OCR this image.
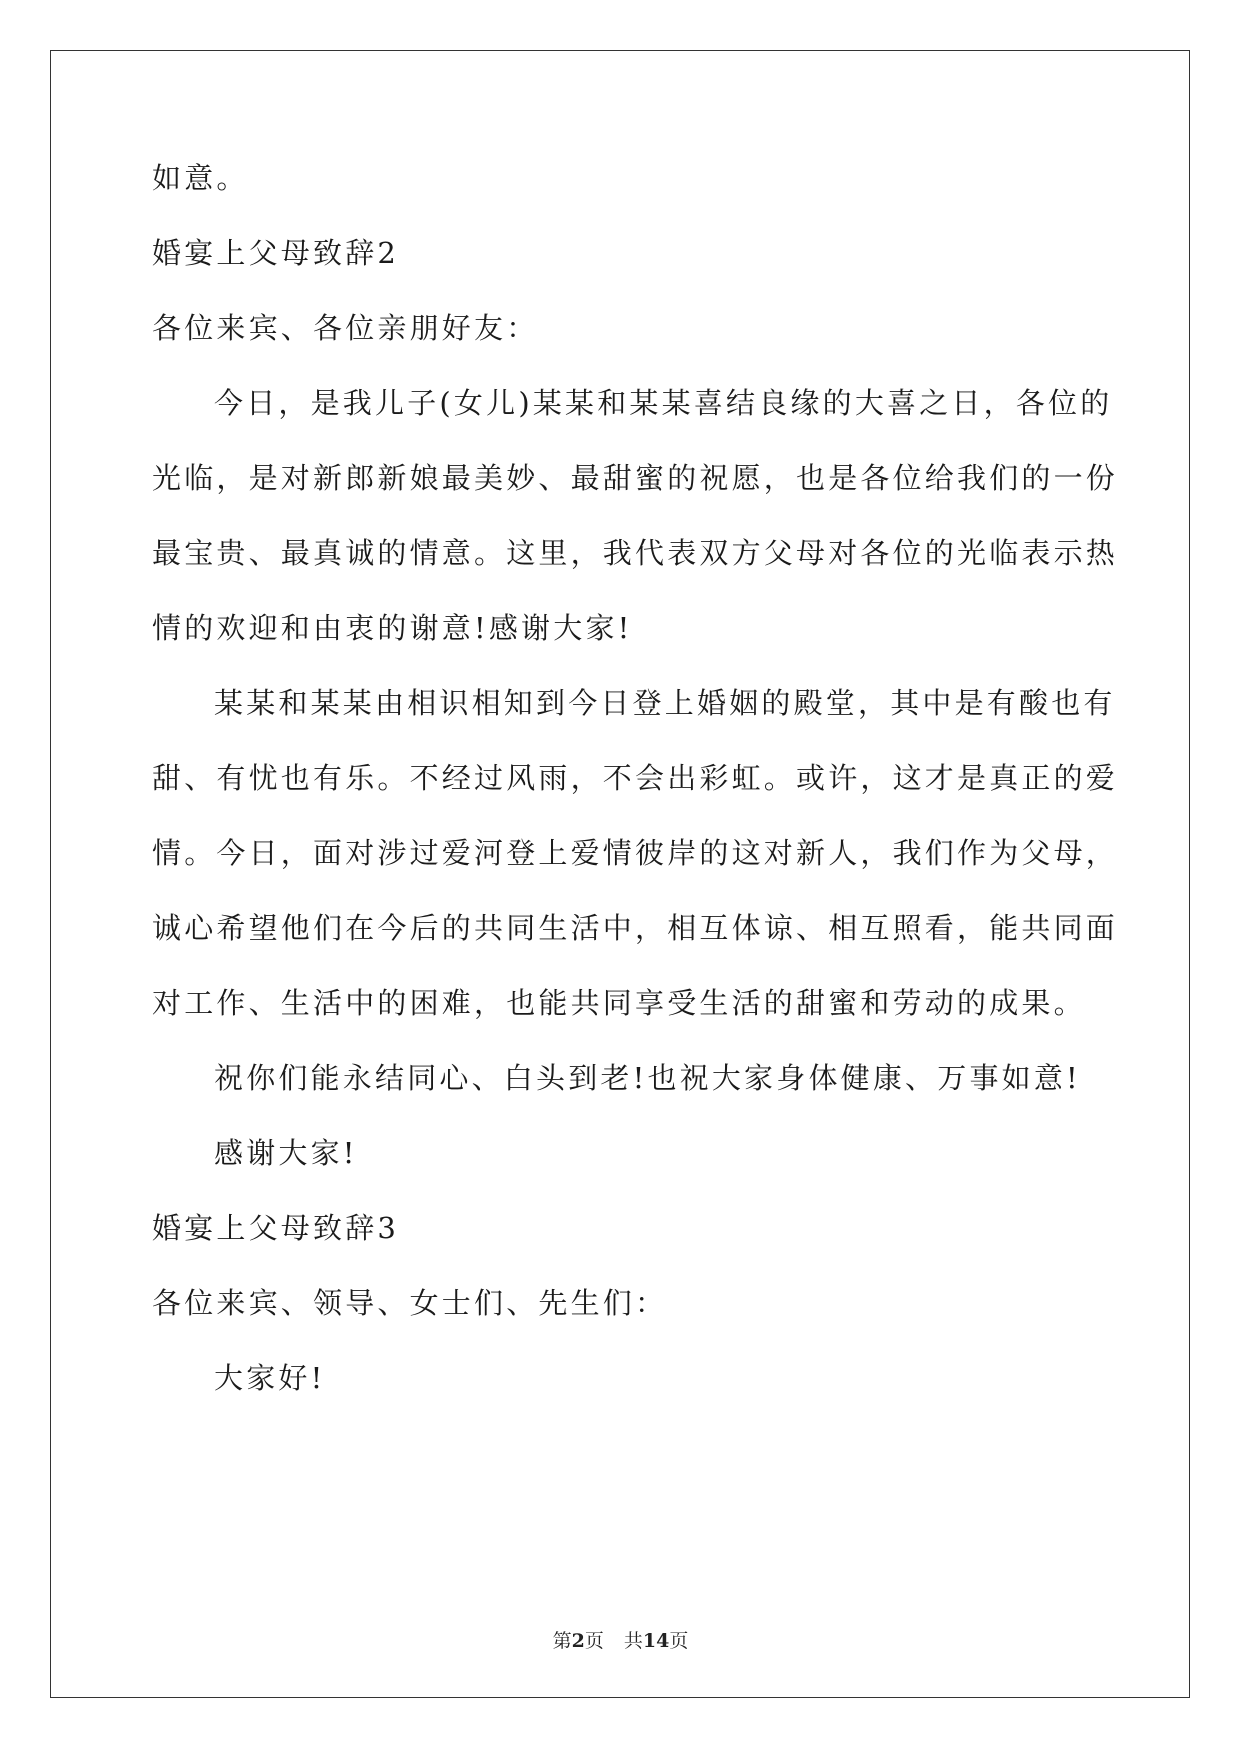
如意。
婚宴上父母致辞2
各位来宾、各位亲朋好友：
今日，是我儿子(女儿)某某和某某喜结良缘的大喜之日，各位的
光临，是对新郎新娘最美妙、最甜蜜的祝愿，也是各位给我们的一份
最宝贵、最真诚的情意。这里，我代表双方父母对各位的光临表示热
情的欢迎和由衷的谢意!感谢大家!
某某和某某由相识相知到今日登上婚姻的殿堂，其中是有酸也有
甜、有忧也有乐。不经过风雨，不会出彩虹。或许，这才是真正的爱
情。今日，面对涉过爱河登上爱情彼岸的这对新人，我们作为父母，
诚心希望他们在今后的共同生活中，相互体谅、相互照看，能共同面
对工作、生活中的困难，也能共同享受生活的甜蜜和劳动的成果。
祝你们能永结同心、白头到老!也祝大家身体健康、万事如意!
感谢大家!
婚宴上父母致辞3
各位来宾、领导、女士们、先生们：
大家好!
第2页 共14页
